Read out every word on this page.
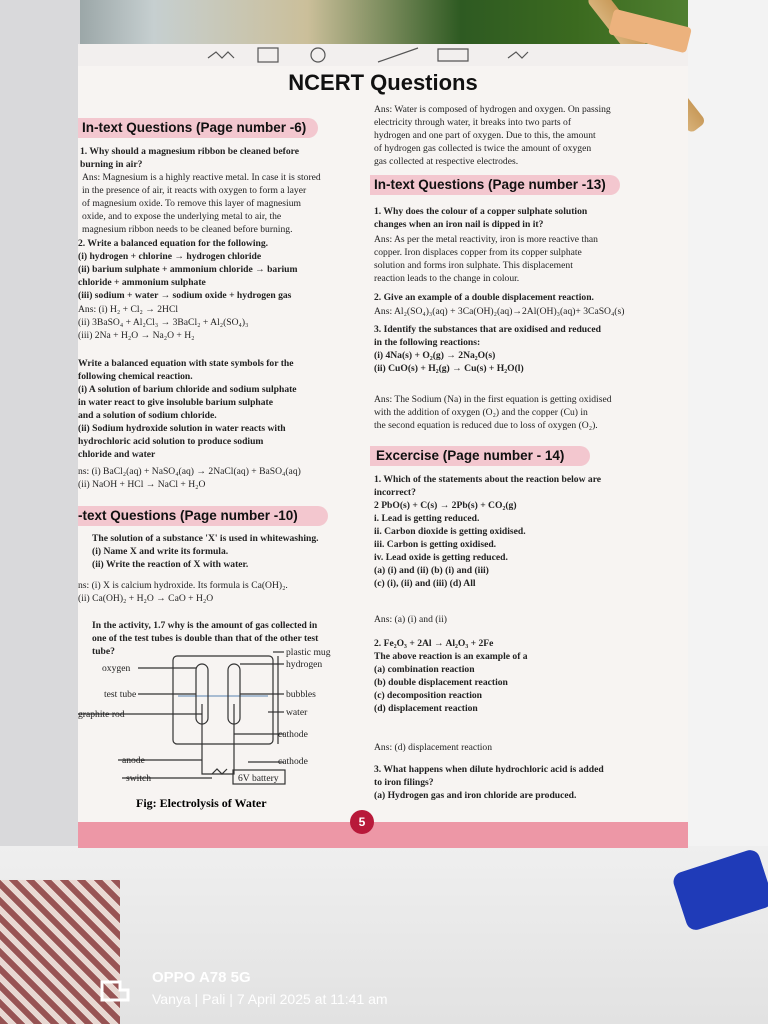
NCERT Questions
In-text Questions (Page number -6)
1. Why should a magnesium ribbon be cleaned before
burning in air?
Ans: Magnesium is a highly reactive metal. In case it is stored
in the presence of air, it reacts with oxygen to form a layer
of magnesium oxide. To remove this layer of magnesium
oxide, and to expose the underlying metal to air, the
magnesium ribbon needs to be cleaned before burning.
2. Write a balanced equation for the following.
(i) hydrogen + chlorine → hydrogen chloride
(ii) barium sulphate + ammonium chloride → barium
chloride + ammonium sulphate
(iii) sodium + water → sodium oxide + hydrogen gas
Ans: (i) H₂ + Cl₂ → 2HCl
(ii) 3BaSO₄ + Al₂Cl₃ → 3BaCl₂ + Al₂(SO₄)₃
(iii) 2Na + H₂O → Na₂O + H₂
Write a balanced equation with state symbols for the
following chemical reaction.
(i) A solution of barium chloride and sodium sulphate
in water react to give insoluble barium sulphate
and a solution of sodium chloride.
(ii) Sodium hydroxide solution in water reacts with
hydrochloric acid solution to produce sodium
chloride and water
ns: (i) BaCl₂(aq) + NaSO₄(aq) → 2NaCl(aq) + BaSO₄(aq)
(ii) NaOH + HCl → NaCl + H₂O
The solution of a substance 'X' is used in whitewashing.
(i) Name X and write its formula.
(ii) Write the reaction of X with water.
ns: (i) X is calcium hydroxide. Its formula is Ca(OH)₂.
(ii) Ca(OH)₂ + H₂O → CaO + H₂O
In the activity, 1.7 why is the amount of gas collected in
one of the test tubes is double than that of the other test
tube?
Ans: Water is composed of hydrogen and oxygen. On passing
electricity through water, it breaks into two parts of
hydrogen and one part of oxygen. Due to this, the amount
of hydrogen gas collected is twice the amount of oxygen
gas collected at respective electrodes.
1. Why does the colour of a copper sulphate solution
changes when an iron nail is dipped in it?
Ans: As per the metal reactivity, iron is more reactive than
copper. Iron displaces copper from its copper sulphate
solution and forms iron sulphate. This displacement
reaction leads to the change in colour.
2. Give an example of a double displacement reaction.
Ans: Al₂(SO₄)₃(aq) + 3Ca(OH)₂(aq)→2Al(OH)₃(aq)+ 3CaSO₄(s)
3. Identify the substances that are oxidised and reduced
in the following reactions:
(i) 4Na(s) + O₂(g) → 2Na₂O(s)
(ii) CuO(s) + H₂(g) → Cu(s) + H₂O(l)
Ans: The Sodium (Na) in the first equation is getting oxidised
with the addition of oxygen (O₂) and the copper (Cu) in
the second equation is reduced due to loss of oxygen (O₂).
1. Which of the statements about the reaction below are
incorrect?
2 PbO(s) + C(s) → 2Pb(s) + CO₂(g)
i. Lead is getting reduced.
ii. Carbon dioxide is getting oxidised.
iii. Carbon is getting oxidised.
iv. Lead oxide is getting reduced.
(a) (i) and (ii) (b) (i) and (iii)
(c) (i), (ii) and (iii) (d) All
Ans: (a) (i) and (ii)
2. Fe₂O₃ + 2Al → Al₂O₃ + 2Fe
The above reaction is an example of a
(a) combination reaction
(b) double displacement reaction
(c) decomposition reaction
(d) displacement reaction
Ans: (d) displacement reaction
3. What happens when dilute hydrochloric acid is added
to iron filings?
(a) Hydrogen gas and iron chloride are produced.
-text Questions (Page number -10)
In-text Questions (Page number -13)
Excercise (Page number - 14)
oxygen
test tube
graphite rod
anode
switch
plastic mug
hydrogen
bubbles
water
cathode
cathode
6V battery
Fig: Electrolysis of Water
5
OPPO A78 5G
Vanya | Pali | 7 April 2025 at 11:41 am
